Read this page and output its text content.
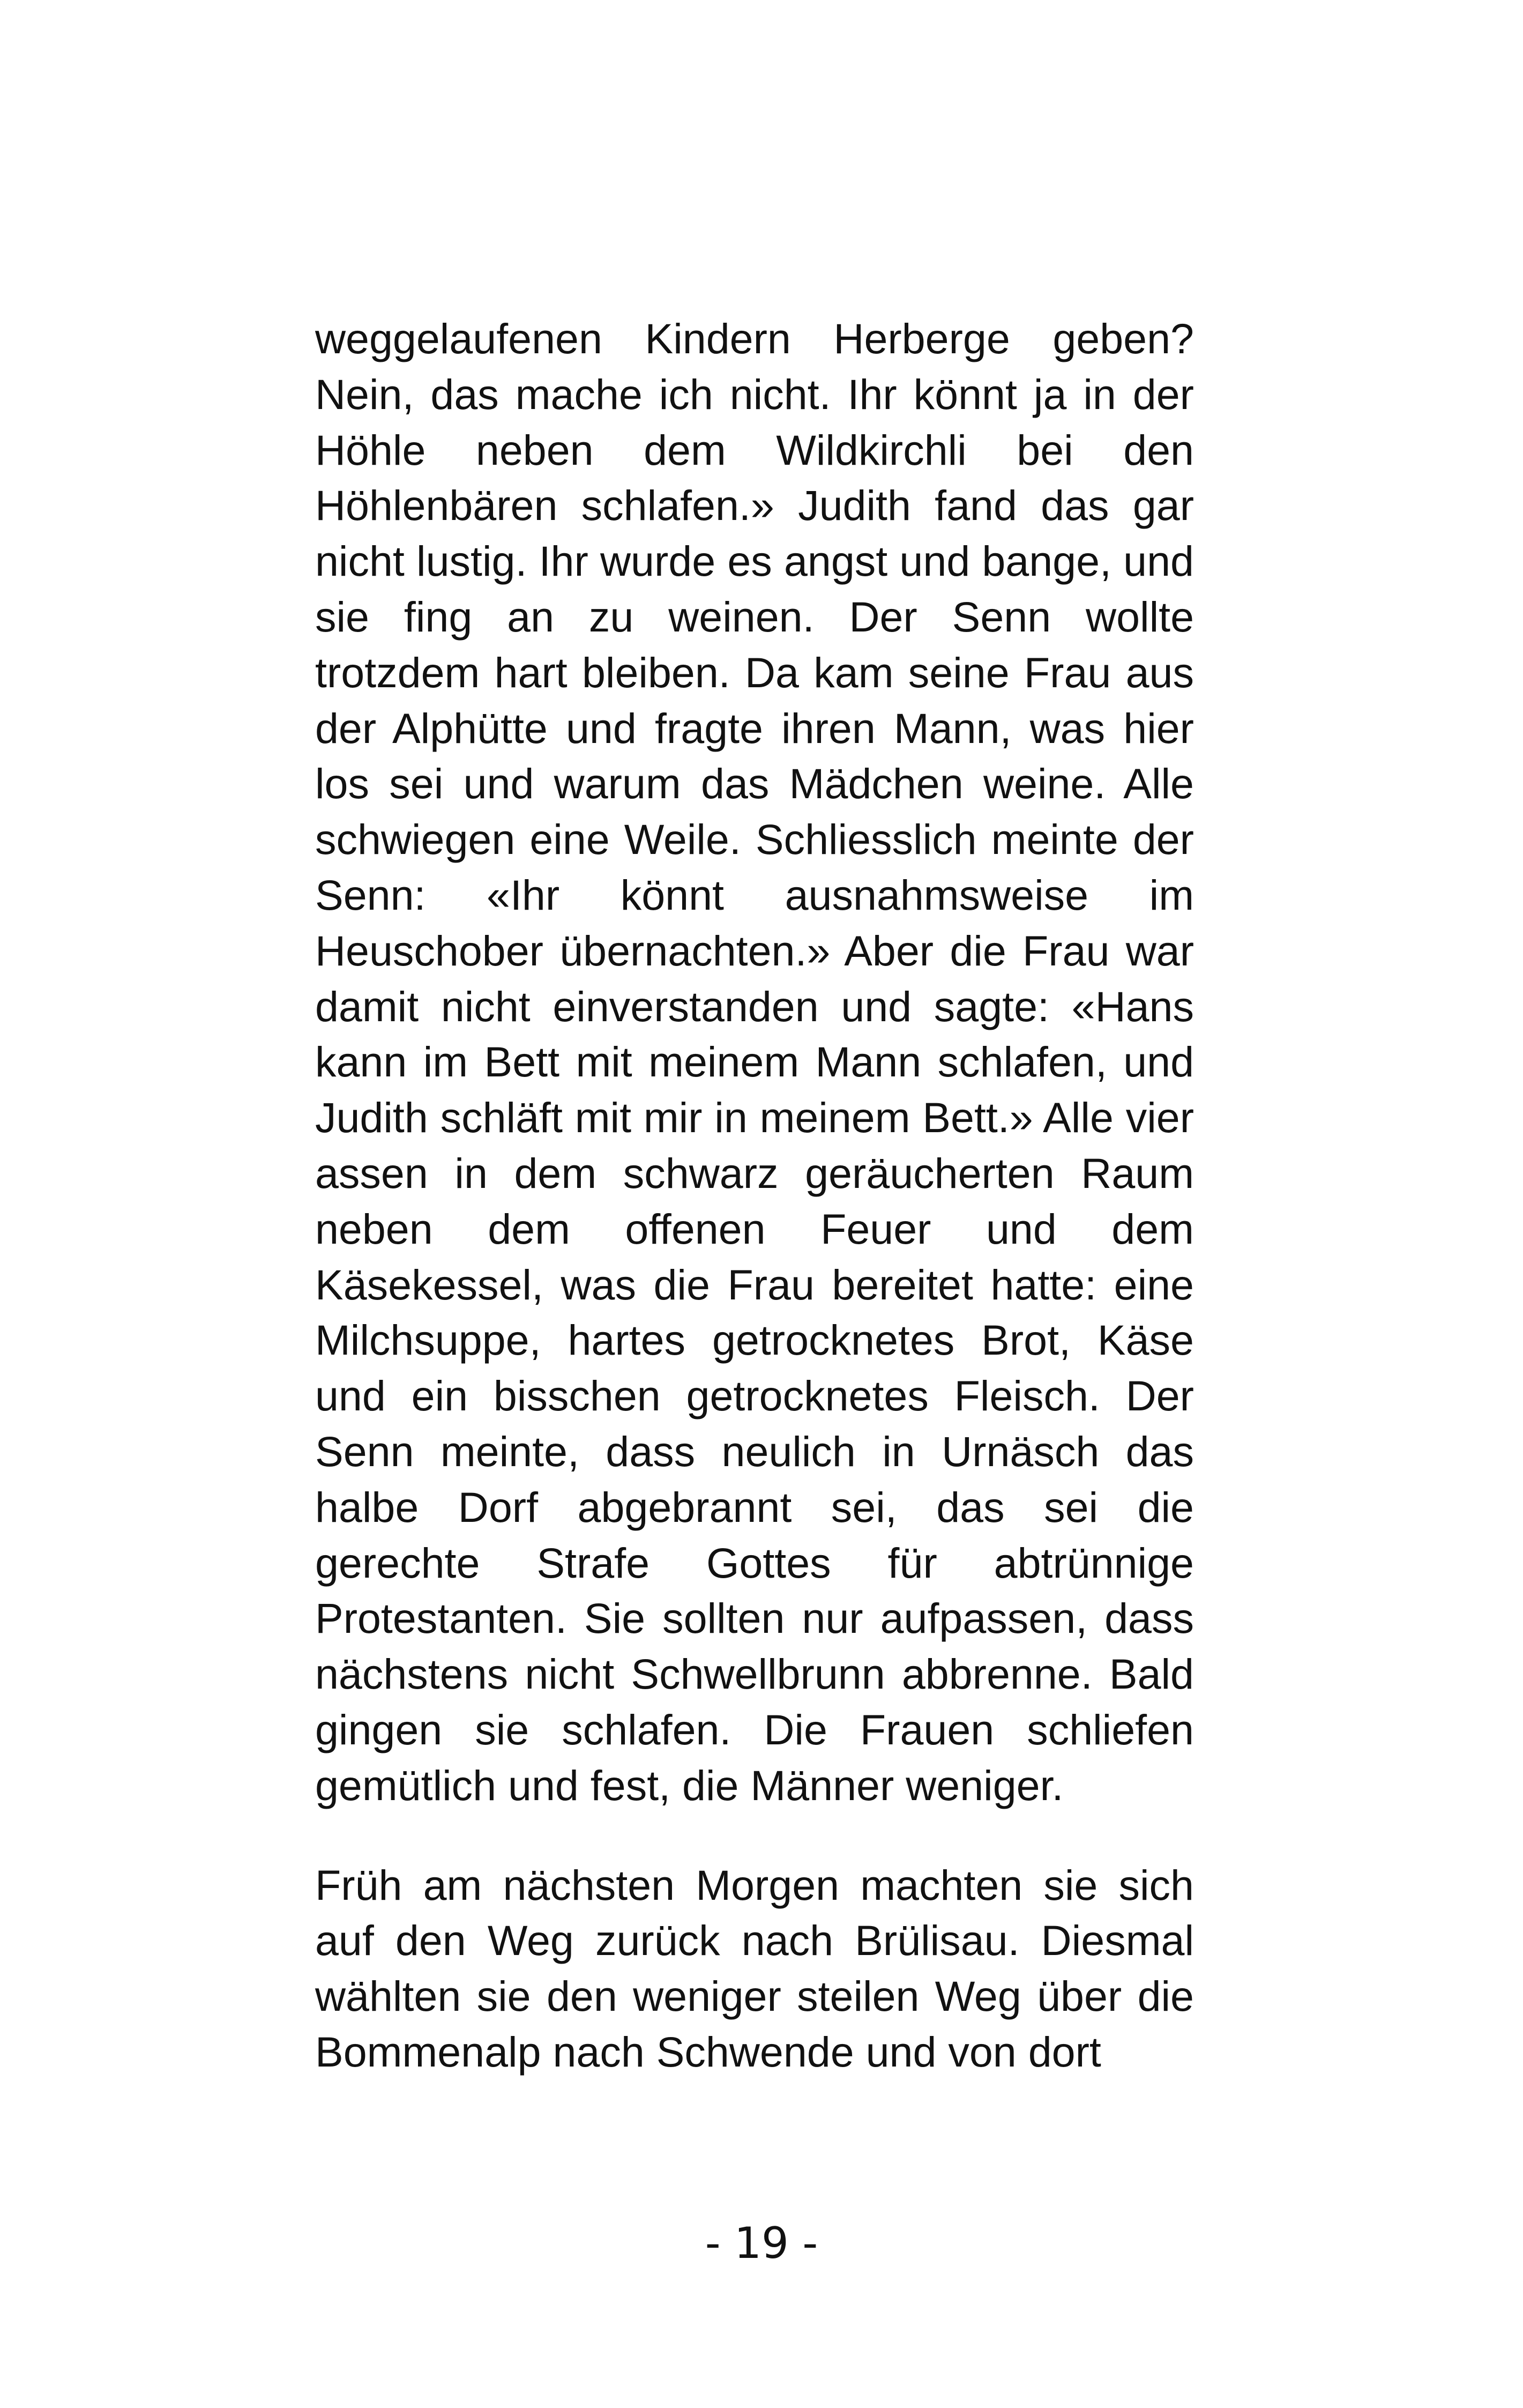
weggelaufenen Kindern Herberge geben? Nein, das mache ich nicht. Ihr könnt ja in der Höhle neben dem Wildkirchli bei den Höhlenbären schlafen.» Judith fand das gar nicht lustig. Ihr wurde es angst und bange, und sie fing an zu weinen. Der Senn wollte trotzdem hart bleiben. Da kam seine Frau aus der Alphütte und fragte ihren Mann, was hier los sei und warum das Mädchen weine. Alle schwiegen eine Weile. Schliesslich meinte der Senn: «Ihr könnt ausnahmsweise im Heuschober übernachten.» Aber die Frau war damit nicht einverstanden und sagte: «Hans kann im Bett mit meinem Mann schlafen, und Judith schläft mit mir in meinem Bett.» Alle vier assen in dem schwarz geräucherten Raum neben dem offenen Feuer und dem Käsekessel, was die Frau bereitet hatte: eine Milchsuppe, hartes getrocknetes Brot, Käse und ein bisschen getrocknetes Fleisch. Der Senn meinte, dass neulich in Urnäsch das halbe Dorf abgebrannt sei, das sei die gerechte Strafe Gottes für abtrünnige Protestanten. Sie sollten nur aufpassen, dass nächstens nicht Schwellbrunn abbrenne. Bald gingen sie schlafen. Die Frauen schliefen gemütlich und fest, die Männer weniger.

Früh am nächsten Morgen machten sie sich auf den Weg zurück nach Brülisau. Diesmal wählten sie den weniger steilen Weg über die Bommenalp nach Schwende und von dort

- 19 -
